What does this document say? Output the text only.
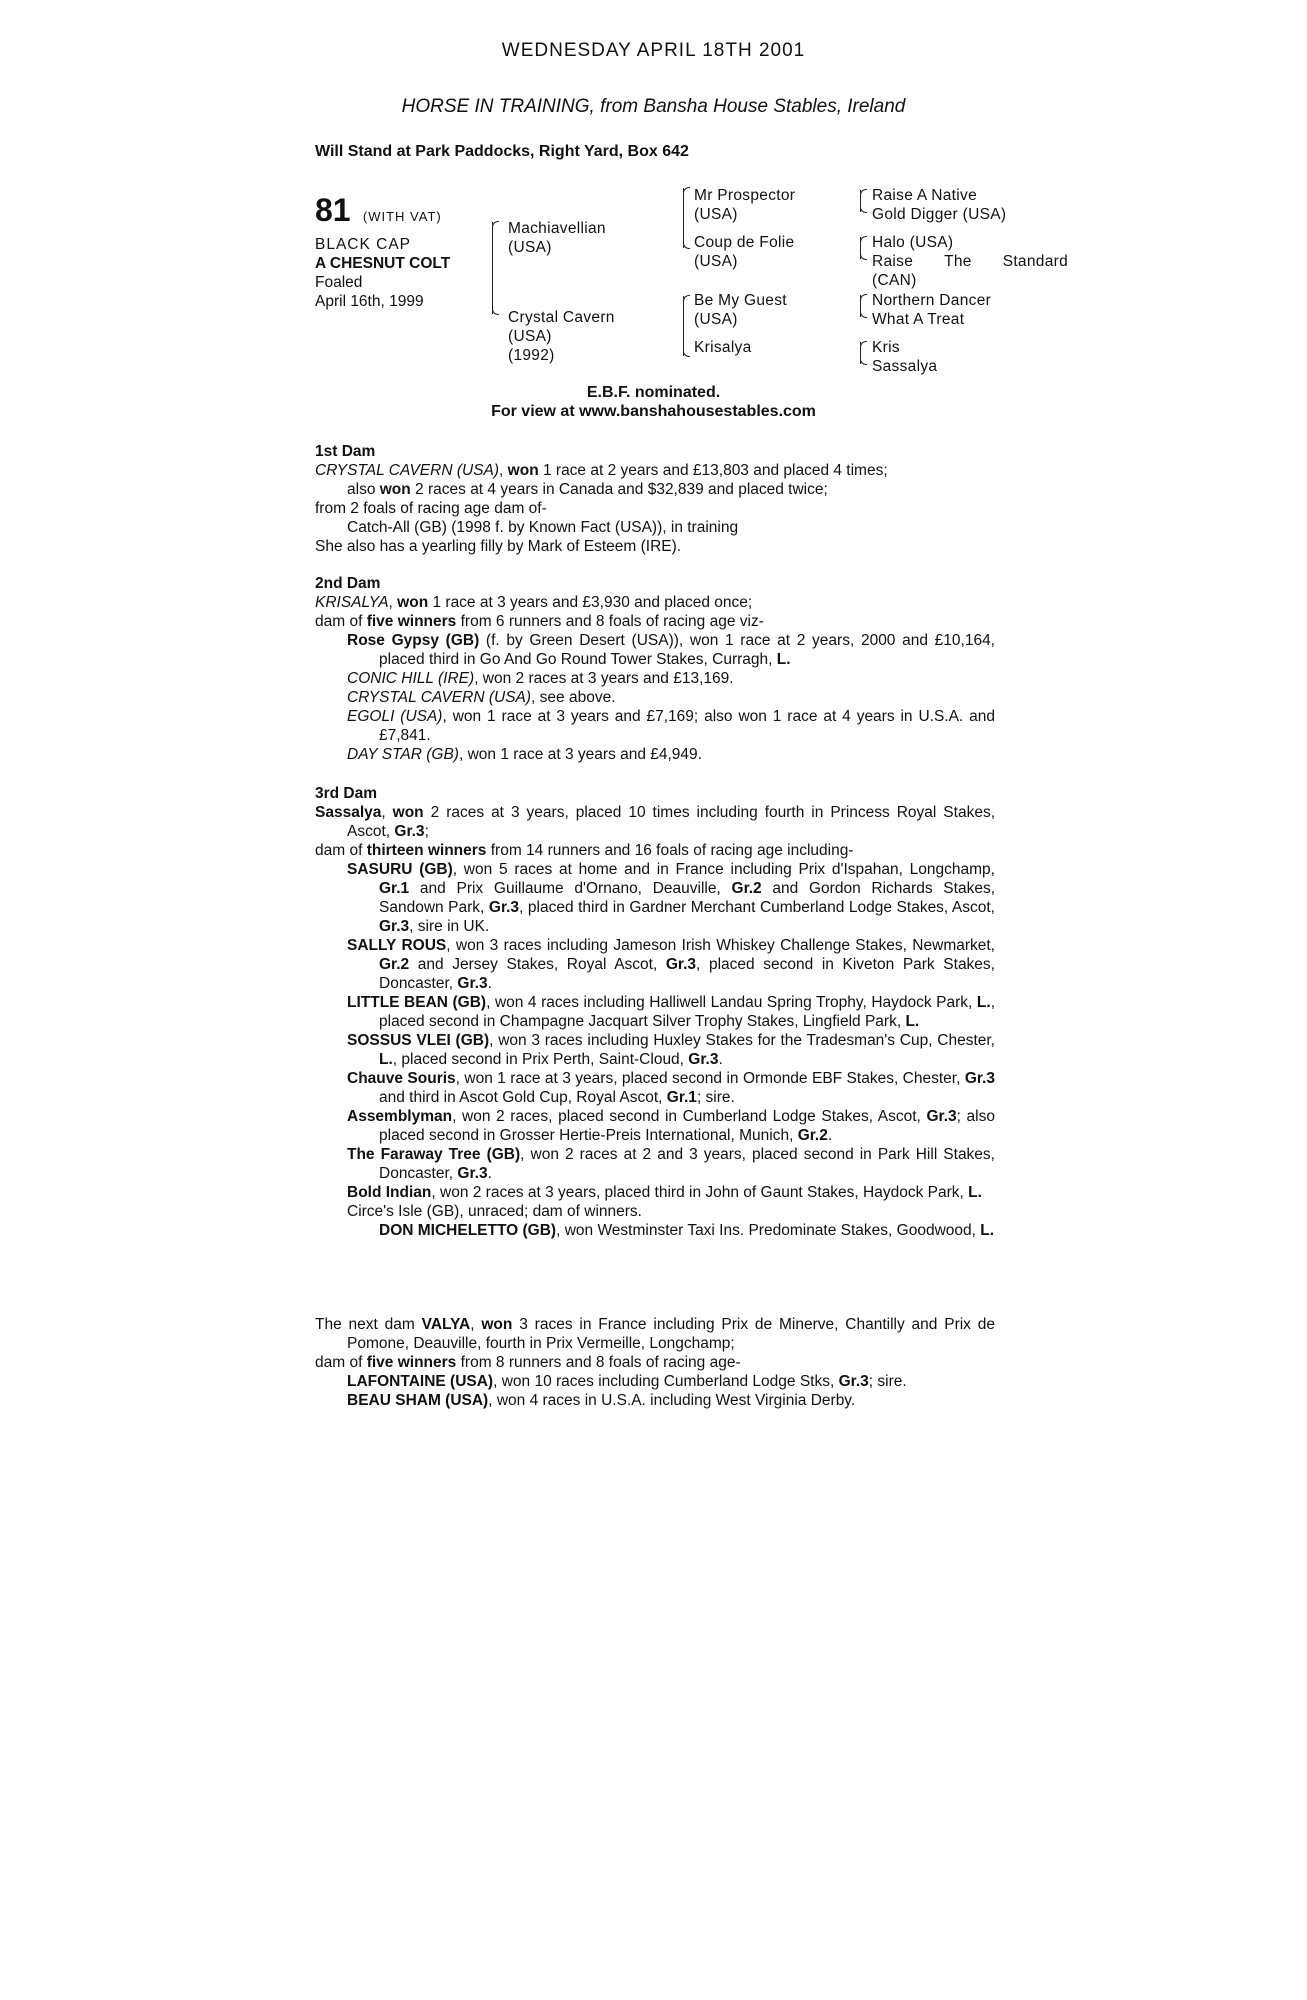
WEDNESDAY APRIL 18TH 2001
HORSE IN TRAINING, from Bansha House Stables, Ireland
Will Stand at Park Paddocks, Right Yard, Box 642
81 (WITH VAT)
BLACK CAP
A CHESNUT COLT
Foaled
April 16th, 1999
Machiavellian
(USA)
Crystal Cavern
(USA)
(1992)
Mr Prospector
(USA)
Coup de Folie
(USA)
Be My Guest
(USA)
Krisalya
Raise A Native
Gold Digger (USA)
Halo (USA)
Raise The Standard
(CAN)
Northern Dancer
What A Treat
Kris
Sassalya
E.B.F. nominated.
For view at www.banshahousestables.com

1st Dam

CRYSTAL CAVERN (USA), won 1 race at 2 years and £13,803 and placed 4 times;

also won 2 races at 4 years in Canada and $32,839 and placed twice;

from 2 foals of racing age dam of-

Catch-All (GB) (1998 f. by Known Fact (USA)), in training

She also has a yearling filly by Mark of Esteem (IRE).

2nd Dam

KRISALYA, won 1 race at 3 years and £3,930 and placed once;

dam of five winners from 6 runners and 8 foals of racing age viz-

Rose Gypsy (GB) (f. by Green Desert (USA)), won 1 race at 2 years, 2000 and £10,164, placed third in Go And Go Round Tower Stakes, Curragh, L.

CONIC HILL (IRE), won 2 races at 3 years and £13,169.

CRYSTAL CAVERN (USA), see above.

EGOLI (USA), won 1 race at 3 years and £7,169; also won 1 race at 4 years in U.S.A. and £7,841.

DAY STAR (GB), won 1 race at 3 years and £4,949.

3rd Dam

Sassalya, won 2 races at 3 years, placed 10 times including fourth in Princess Royal Stakes, Ascot, Gr.3;

dam of thirteen winners from 14 runners and 16 foals of racing age including-

SASURU (GB), won 5 races at home and in France including Prix d'Ispahan, Longchamp, Gr.1 and Prix Guillaume d'Ornano, Deauville, Gr.2 and Gordon Richards Stakes, Sandown Park, Gr.3, placed third in Gardner Merchant Cumberland Lodge Stakes, Ascot, Gr.3, sire in UK.

SALLY ROUS, won 3 races including Jameson Irish Whiskey Challenge Stakes, Newmarket, Gr.2 and Jersey Stakes, Royal Ascot, Gr.3, placed second in Kiveton Park Stakes, Doncaster, Gr.3.

LITTLE BEAN (GB), won 4 races including Halliwell Landau Spring Trophy, Haydock Park, L., placed second in Champagne Jacquart Silver Trophy Stakes, Lingfield Park, L.

SOSSUS VLEI (GB), won 3 races including Huxley Stakes for the Tradesman's Cup, Chester, L., placed second in Prix Perth, Saint-Cloud, Gr.3.

Chauve Souris, won 1 race at 3 years, placed second in Ormonde EBF Stakes, Chester, Gr.3 and third in Ascot Gold Cup, Royal Ascot, Gr.1; sire.

Assemblyman, won 2 races, placed second in Cumberland Lodge Stakes, Ascot, Gr.3; also placed second in Grosser Hertie-Preis International, Munich, Gr.2.

The Faraway Tree (GB), won 2 races at 2 and 3 years, placed second in Park Hill Stakes, Doncaster, Gr.3.

Bold Indian, won 2 races at 3 years, placed third in John of Gaunt Stakes, Haydock Park, L.

Circe's Isle (GB), unraced; dam of winners.

DON MICHELETTO (GB), won Westminster Taxi Ins. Predominate Stakes, Goodwood, L.

The next dam VALYA, won 3 races in France including Prix de Minerve, Chantilly and Prix de Pomone, Deauville, fourth in Prix Vermeille, Longchamp;

dam of five winners from 8 runners and 8 foals of racing age-

LAFONTAINE (USA), won 10 races including Cumberland Lodge Stks, Gr.3; sire.

BEAU SHAM (USA), won 4 races in U.S.A. including West Virginia Derby.
